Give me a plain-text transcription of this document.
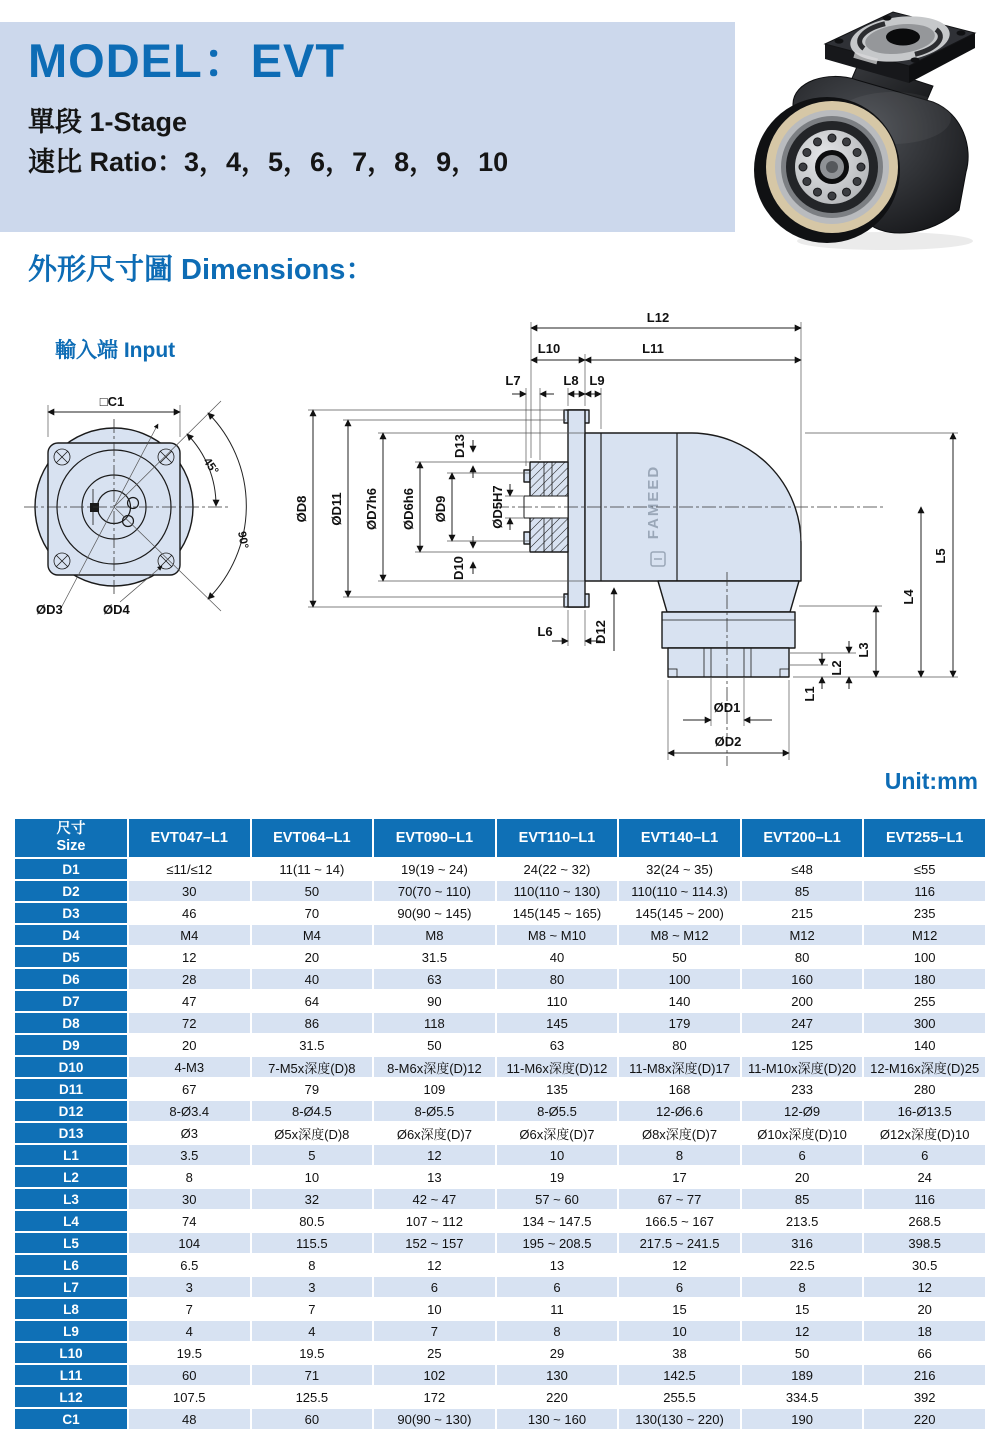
MODEL：EVT
單段 1-Stage
速比 Ratio：3，4，5，6，7，8，9，10
外形尺寸圖 Dimensions：
輸入端 Input
ØD3	ØD4
□C1
45°
90°
FAMEED
L12
L10	L11
L7	L8 L9
ØD8 ØD11 ØD7h6 ØD6h6 ØD9	ØD5H7
D13
D10
L6	D12
ØD1
ØD2
L1
L2
L3
L4
L5
Unit:mm
尺寸
Size	EVT047–L1	EVT064–L1	EVT090–L1	EVT110–L1	EVT140–L1	EVT200–L1	EVT255–L1
D1	≤11/≤12	11(11 ~ 14)	19(19 ~ 24)	24(22 ~ 32)	32(24 ~ 35)	≤48	≤55
D2	30	50	70(70 ~ 110)	110(110 ~ 130)	110(110 ~ 114.3)	85	116
D3	46	70	90(90 ~ 145)	145(145 ~ 165)	145(145 ~ 200)	215	235
D4	M4	M4	M8	M8 ~ M10	M8 ~ M12	M12	M12
D5	12	20	31.5	40	50	80	100
D6	28	40	63	80	100	160	180
D7	47	64	90	110	140	200	255
D8	72	86	118	145	179	247	300
D9	20	31.5	50	63	80	125	140
D10	4-M3	7-M5x深度(D)8	8-M6x深度(D)12	11-M6x深度(D)12	11-M8x深度(D)17	11-M10x深度(D)20	12-M16x深度(D)25
D11	67	79	109	135	168	233	280
D12	8-Ø3.4	8-Ø4.5	8-Ø5.5	8-Ø5.5	12-Ø6.6	12-Ø9	16-Ø13.5
D13	Ø3	Ø5x深度(D)8	Ø6x深度(D)7	Ø6x深度(D)7	Ø8x深度(D)7	Ø10x深度(D)10	Ø12x深度(D)10
L1	3.5	5	12	10	8	6	6
L2	8	10	13	19	17	20	24
L3	30	32	42 ~ 47	57 ~ 60	67 ~ 77	85	116
L4	74	80.5	107 ~ 112	134 ~ 147.5	166.5 ~ 167	213.5	268.5
L5	104	115.5	152 ~ 157	195 ~ 208.5	217.5 ~ 241.5	316	398.5
L6	6.5	8	12	13	12	22.5	30.5
L7	3	3	6	6	6	8	12
L8	7	7	10	11	15	15	20
L9	4	4	7	8	10	12	18
L10	19.5	19.5	25	29	38	50	66
L11	60	71	102	130	142.5	189	216
L12	107.5	125.5	172	220	255.5	334.5	392
C1	48	60	90(90 ~ 130)	130 ~ 160	130(130 ~ 220)	190	220
